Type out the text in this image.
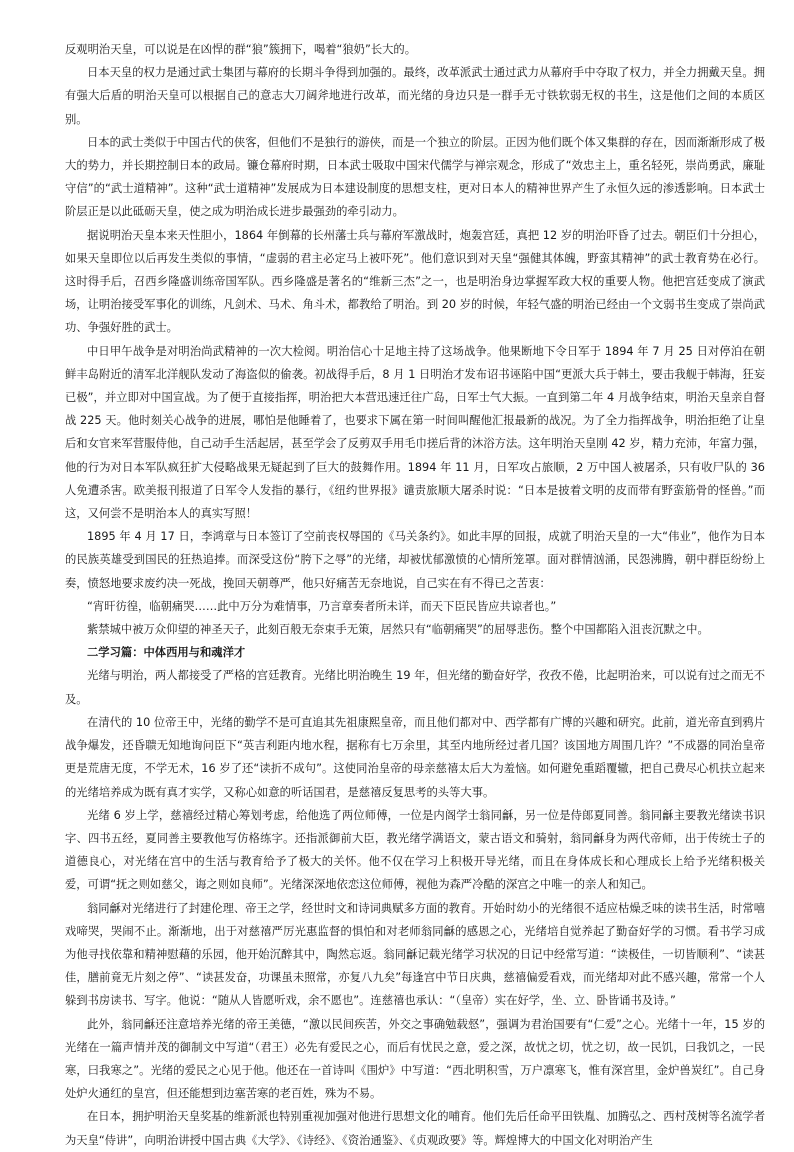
反观明治天皇，可以说是在凶悍的群“狼”簇拥下，喝着“狼奶”长大的。

日本天皇的权力是通过武士集团与幕府的长期斗争得到加强的。最终，改革派武士通过武力从幕府手中夺取了权力，并全力拥戴天皇。拥有强大后盾的明治天皇可以根据自己的意志大刀阔斧地进行改革，而光绪的身边只是一群手无寸铁软弱无权的书生，这是他们之间的本质区别。

日本的武士类似于中国古代的侠客，但他们不是独行的游侠，而是一个独立的阶层。正因为他们既个体又集群的存在，因而渐渐形成了极大的势力，并长期控制日本的政局。镰仓幕府时期，日本武士吸取中国宋代儒学与禅宗观念，形成了“效忠主上，重名轻死，崇尚勇武，廉耻守信”的“武士道精神”。这种“武士道精神”发展成为日本建设制度的思想支柱，更对日本人的精神世界产生了永恒久远的渗透影响。日本武士阶层正是以此砥砺天皇，使之成为明治成长进步最强劲的牵引动力。

据说明治天皇本来天性胆小，1864 年倒幕的长州藩士兵与幕府军激战时，炮轰宫廷，真把 12 岁的明治吓昏了过去。朝臣们十分担心，如果天皇即位以后再发生类似的事情，“虚弱的君主必定马上被吓死”。他们意识到对天皇“强健其体魄，野蛮其精神”的武士教育势在必行。这时得手后，召西乡隆盛训练帝国军队。西乡隆盛是著名的“维新三杰”之一，也是明治身边掌握军政大权的重要人物。他把宫廷变成了演武场，让明治接受军事化的训练，凡剑术、马术、角斗术，都教给了明治。到 20 岁的时候，年轻气盛的明治已经由一个文弱书生变成了崇尚武功、争强好胜的武士。

中日甲午战争是对明治尚武精神的一次大检阅。明治信心十足地主持了这场战争。他果断地下令日军于 1894 年 7 月 25 日对停泊在朝鲜丰岛附近的清军北洋舰队发动了海盗似的偷袭。初战得手后，8 月 1 日明治才发布诏书诬陷中国“更派大兵于韩土，要击我舰于韩海，狂妄已极”，并立即对中国宣战。为了便于直接指挥，明治把大本营迅速迁往广岛，日军士气大振。一直到第二年 4 月战争结束，明治天皇亲自督战 225 天。他时刻关心战争的进展，哪怕是他睡着了，也要求下属在第一时间叫醒他汇报最新的战况。为了全力指挥战争，明治拒绝了让皇后和女官来军营服侍他，自己动手生活起居，甚至学会了反剪双手用毛巾搓后背的沐浴方法。这年明治天皇刚 42 岁，精力充沛，年富力强，他的行为对日本军队疯狂扩大侵略战果无疑起到了巨大的鼓舞作用。1894 年 11 月，日军攻占旅顺，2 万中国人被屠杀，只有收尸队的 36 人免遭杀害。欧美报刊报道了日军令人发指的暴行，《纽约世界报》谴责旅顺大屠杀时说：“日本是披着文明的皮而带有野蛮筋骨的怪兽。”而这，又何尝不是明治本人的真实写照！

1895 年 4 月 17 日，李鸿章与日本签订了空前丧权辱国的《马关条约》。如此丰厚的回报，成就了明治天皇的一大“伟业”，他作为日本的民族英雄受到国民的狂热追捧。而深受这份“胯下之辱”的光绪，却被忧郁激愤的心情所笼罩。面对群情汹涌，民怨沸腾，朝中群臣纷纷上奏，愤怒地要求废约决一死战，挽回天朝尊严，他只好痛苦无奈地说，自己实在有不得已之苦衷：

“宵旰彷徨，临朝痛哭……此中万分为难情事，乃言章奏者所未详，而天下臣民皆应共谅者也。”

紫禁城中被万众仰望的神圣天子，此刻百般无奈束手无策，居然只有“临朝痛哭”的屈辱悲伤。整个中国都陷入沮丧沉默之中。

二学习篇：中体西用与和魂洋才

光绪与明治，两人都接受了严格的宫廷教育。光绪比明治晚生 19 年，但光绪的勤奋好学，孜孜不倦，比起明治来，可以说有过之而无不及。

在清代的 10 位帝王中，光绪的勤学不是可直追其先祖康熙皇帝，而且他们都对中、西学都有广博的兴趣和研究。此前，道光帝直到鸦片战争爆发，还昏聩无知地询问臣下“英吉利距内地水程，据称有七万余里，其至内地所经过者几国？该国地方周围几许？”不成器的同治皇帝更是荒唐无度，不学无术，16 岁了还“读折不成句”。这使同治皇帝的母亲慈禧太后大为羞恼。如何避免重蹈覆辙，把自己费尽心机扶立起来的光绪培养成为既有真才实学，又称心如意的听话国君，是慈禧反复思考的头等大事。

光绪 6 岁上学，慈禧经过精心筹划考虑，给他选了两位师傅，一位是内阁学士翁同龢，另一位是侍郎夏同善。翁同龢主要教光绪读书识字、四书五经，夏同善主要教他写仿格练字。还指派御前大臣，教光绪学满语文，蒙古语文和骑射，翁同龢身为两代帝师，出于传统士子的道德良心，对光绪在宫中的生活与教育给予了极大的关怀。他不仅在学习上积极开导光绪，而且在身体成长和心理成长上给予光绪积极关爱，可谓“抚之则如慈父，诲之则如良师”。光绪深深地依恋这位师傅，视他为森严冷酷的深宫之中唯一的亲人和知己。

翁同龢对光绪进行了封建伦理、帝王之学，经世时文和诗词典赋多方面的教育。开始时幼小的光绪很不适应枯燥乏味的读书生活，时常嘻戏啼哭，哭闹不止。渐渐地，出于对慈禧严厉光惠监督的惧怕和对老师翁同龢的感恩之心，光绪培自觉养起了勤奋好学的习惯。看书学习成为他寻找依靠和精神慰藉的乐园，他开始沉醉其中，陶然忘返。翁同龢记载光绪学习状况的日记中经常写道：“读极佳，一切皆顺利”、“读甚佳，膳前竟无片刻之停”、“读甚发奋，功课虽未照常，亦复八九矣”每逢宫中节日庆典，慈禧偏爱看戏，而光绪却对此不感兴趣，常常一个人躲到书房读书、写字。他说：“随从人皆愿听戏，余不愿也”。连慈禧也承认：“（皇帝）实在好学，坐、立、卧皆诵书及诗。”

此外，翁同龢还注意培养光绪的帝王美德，“激以民间疾苦，外交之事确勉载惄”，强调为君治国要有“仁爱”之心。光绪十一年，15 岁的光绪在一篇声情并茂的御制文中写道“（君王）必先有爱民之心，而后有忧民之意，爱之深，故忧之切，忧之切，故一民饥，曰我饥之，一民寒，曰我寒之”。光绪的爱民之心见于他。他还在一首诗叫《围炉》中写道：“西北明积雪，万户凛寒飞，惟有深宫里，金炉兽炭红”。自己身处炉火通红的皇宫，但还能想到边塞苦寒的老百姓，殊为不易。

在日本，拥护明治天皇奖基的维新派也特别重视加强对他进行思想文化的哺育。他们先后任命平田铁胤、加腾弘之、西村茂树等名流学者为天皇“侍讲”，向明治讲授中国古典《大学》、《诗经》、《资治通鉴》、《贞观政要》等。辉煌博大的中国文化对明治产生
